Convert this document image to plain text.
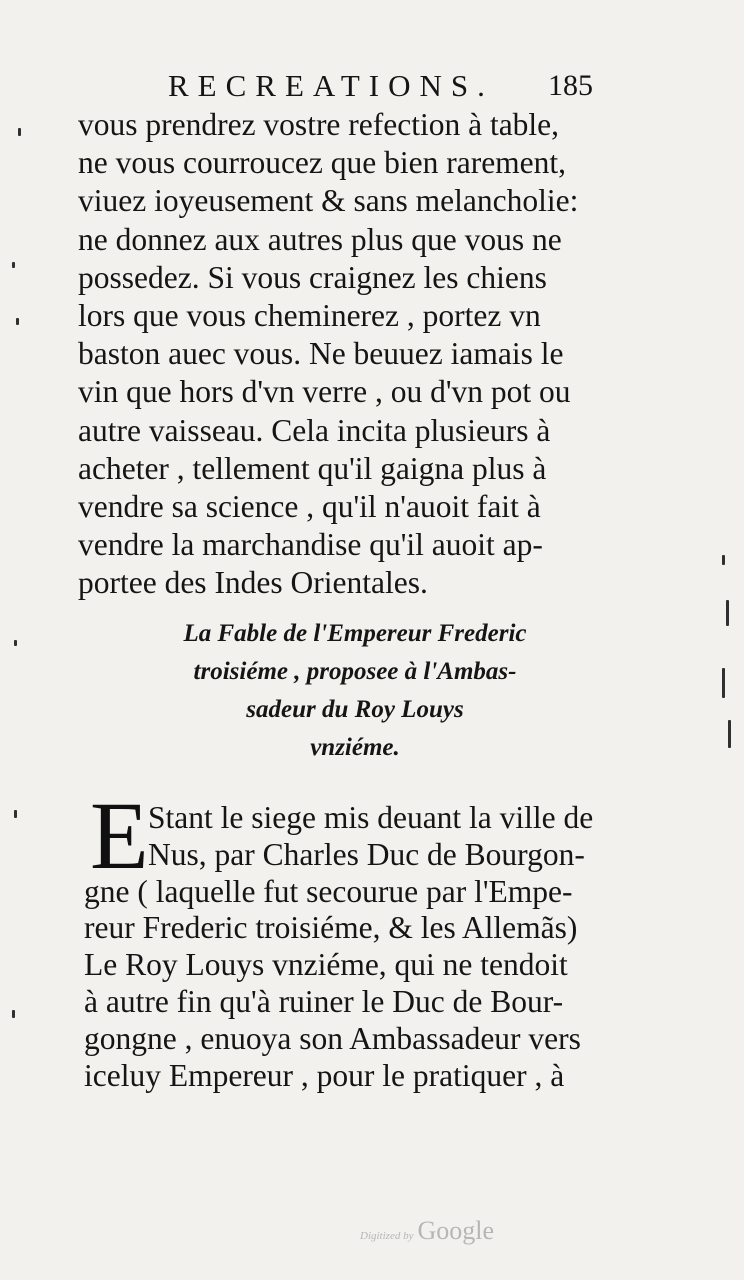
RECREATIONS. 185
vous prendrez vostre refection à table,
ne vous courroucez que bien rarement,
viuez ioyeusement & sans melancholie:
ne donnez aux autres plus que vous ne
possedez. Si vous craignez les chiens
lors que vous cheminerez , portez vn
baston auec vous. Ne beuuez iamais le
vin que hors d'vn verre , ou d'vn pot ou
autre vaisseau. Cela incita plusieurs à
acheter , tellement qu'il gaigna plus à
vendre sa science , qu'il n'auoit fait à
vendre la marchandise qu'il auoit ap-
portee des Indes Orientales.
La Fable de l'Empereur Frederic
troisiéme , proposee à l'Ambas-
sadeur du Roy Louys
vnziéme.
E Stant le siege mis deuant la ville de
Nus, par Charles Duc de Bourgon-
gne ( laquelle fut secourue par l'Empe-
reur Frederic troisiéme, & les Allemãs)
Le Roy Louys vnziéme, qui ne tendoit
à autre fin qu'à ruiner le Duc de Bour-
gongne , enuoya son Ambassadeur vers
iceluy Empereur , pour le pratiquer , à
Digitized by Google
